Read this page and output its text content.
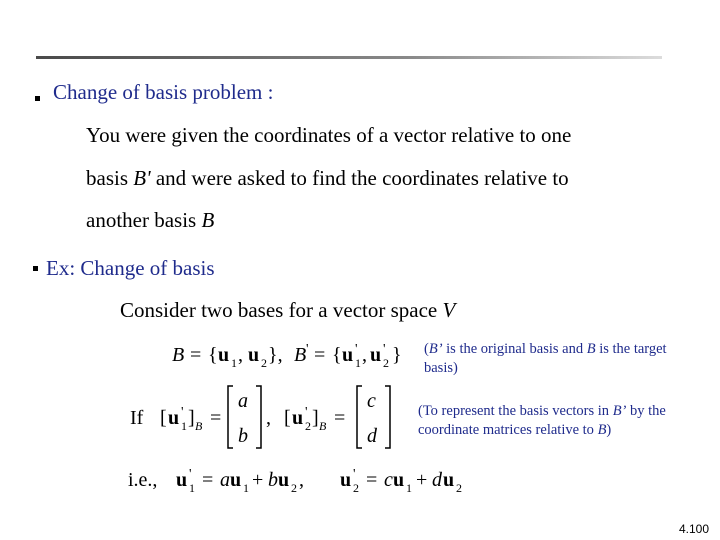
Change of basis problem :
You were given the coordinates of a vector relative to one
basis B' and were asked to find the coordinates relative to
another basis B
Ex: Change of basis
Consider two bases for a vector space V
(B’ is the original basis and B is the target basis)
(To represent the basis vectors in B’ by the coordinate matrices relative to B)
B = { u 1 , u 2 }, B ' = { u '
1 , u '
2 }
If [ u '
1 ] B =
a
b
, [ u '
2 ] B =
c
d
i.e., u '
1 = a u 1 + b u 2 , u '
2 = c u 1 + d u 2
4.100
